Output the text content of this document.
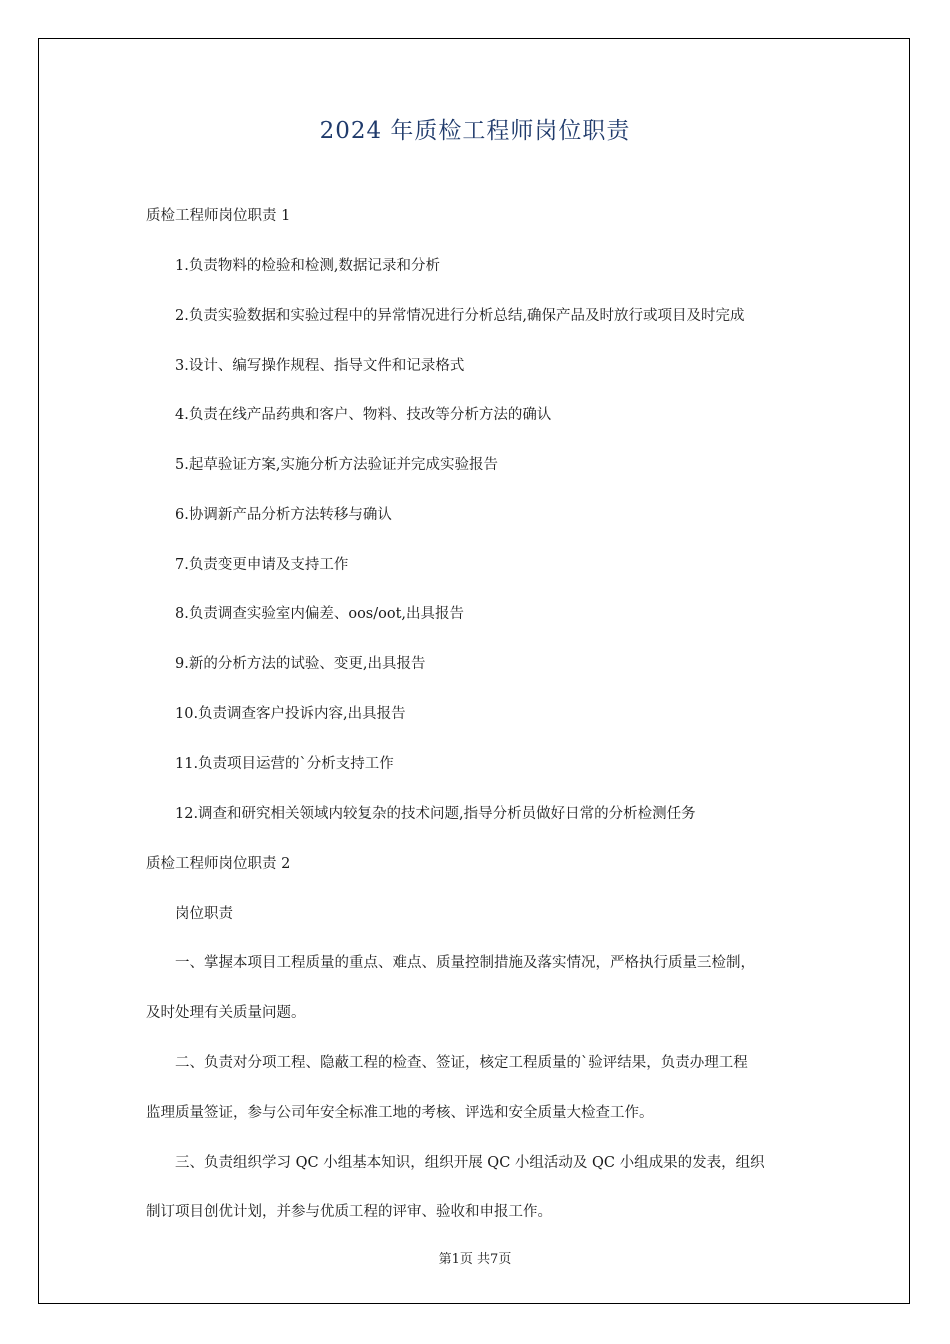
2024 年质检工程师岗位职责
质检工程师岗位职责 1
1.负责物料的检验和检测,数据记录和分析
2.负责实验数据和实验过程中的异常情况进行分析总结,确保产品及时放行或项目及时完成
3.设计、编写操作规程、指导文件和记录格式
4.负责在线产品药典和客户、物料、技改等分析方法的确认
5.起草验证方案,实施分析方法验证并完成实验报告
6.协调新产品分析方法转移与确认
7.负责变更申请及支持工作
8.负责调查实验室内偏差、oos/oot,出具报告
9.新的分析方法的试验、变更,出具报告
10.负责调查客户投诉内容,出具报告
11.负责项目运营的`分析支持工作
12.调查和研究相关领域内较复杂的技术问题,指导分析员做好日常的分析检测任务
质检工程师岗位职责 2
岗位职责
一、掌握本项目工程质量的重点、难点、质量控制措施及落实情况，严格执行质量三检制，
及时处理有关质量问题。
二、负责对分项工程、隐蔽工程的检查、签证，核定工程质量的`验评结果，负责办理工程
监理质量签证，参与公司年安全标准工地的考核、评选和安全质量大检查工作。
三、负责组织学习 QC 小组基本知识，组织开展 QC 小组活动及 QC 小组成果的发表，组织
制订项目创优计划，并参与优质工程的评审、验收和申报工作。
第1页 共7页
